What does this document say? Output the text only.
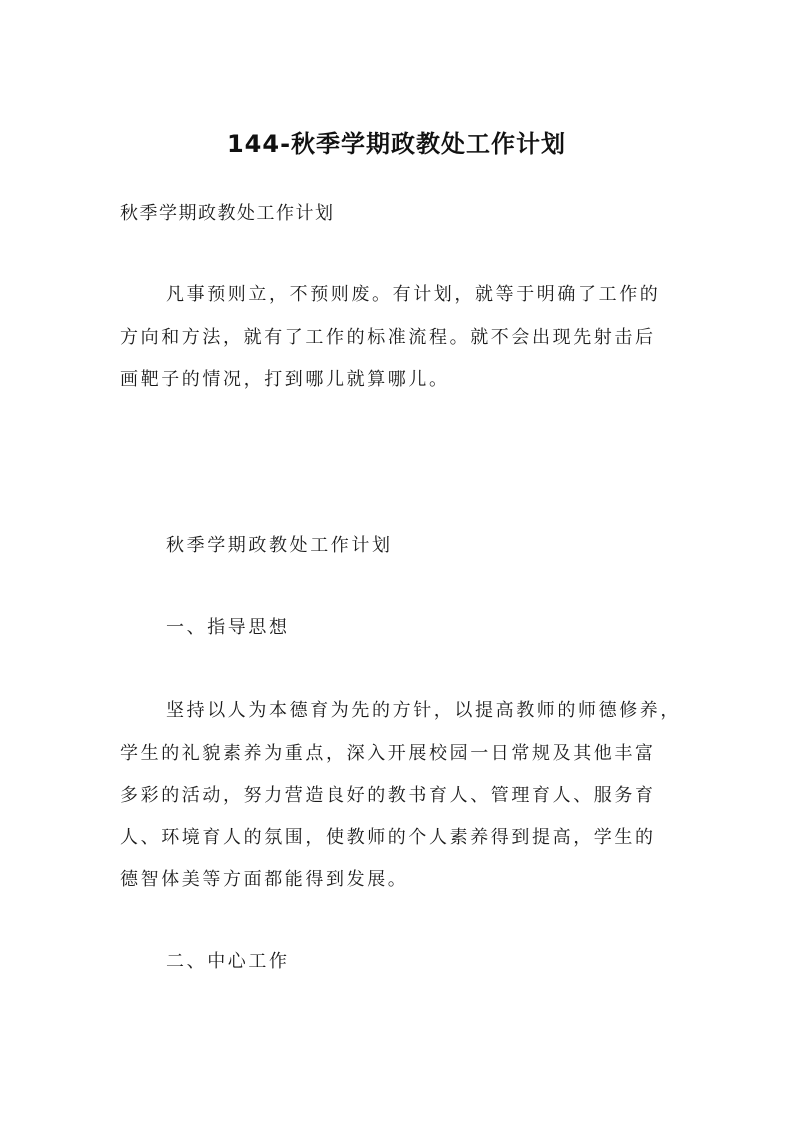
144-秋季学期政教处工作计划

秋季学期政教处工作计划

凡事预则立，不预则废。有计划，就等于明确了工作的

方向和方法，就有了工作的标准流程。就不会出现先射击后

画靶子的情况，打到哪儿就算哪儿。

秋季学期政教处工作计划

一、指导思想

坚持以人为本德育为先的方针，以提高教师的师德修养，

学生的礼貌素养为重点，深入开展校园一日常规及其他丰富

多彩的活动，努力营造良好的教书育人、管理育人、服务育

人、环境育人的氛围，使教师的个人素养得到提高，学生的

德智体美等方面都能得到发展。

二、中心工作
